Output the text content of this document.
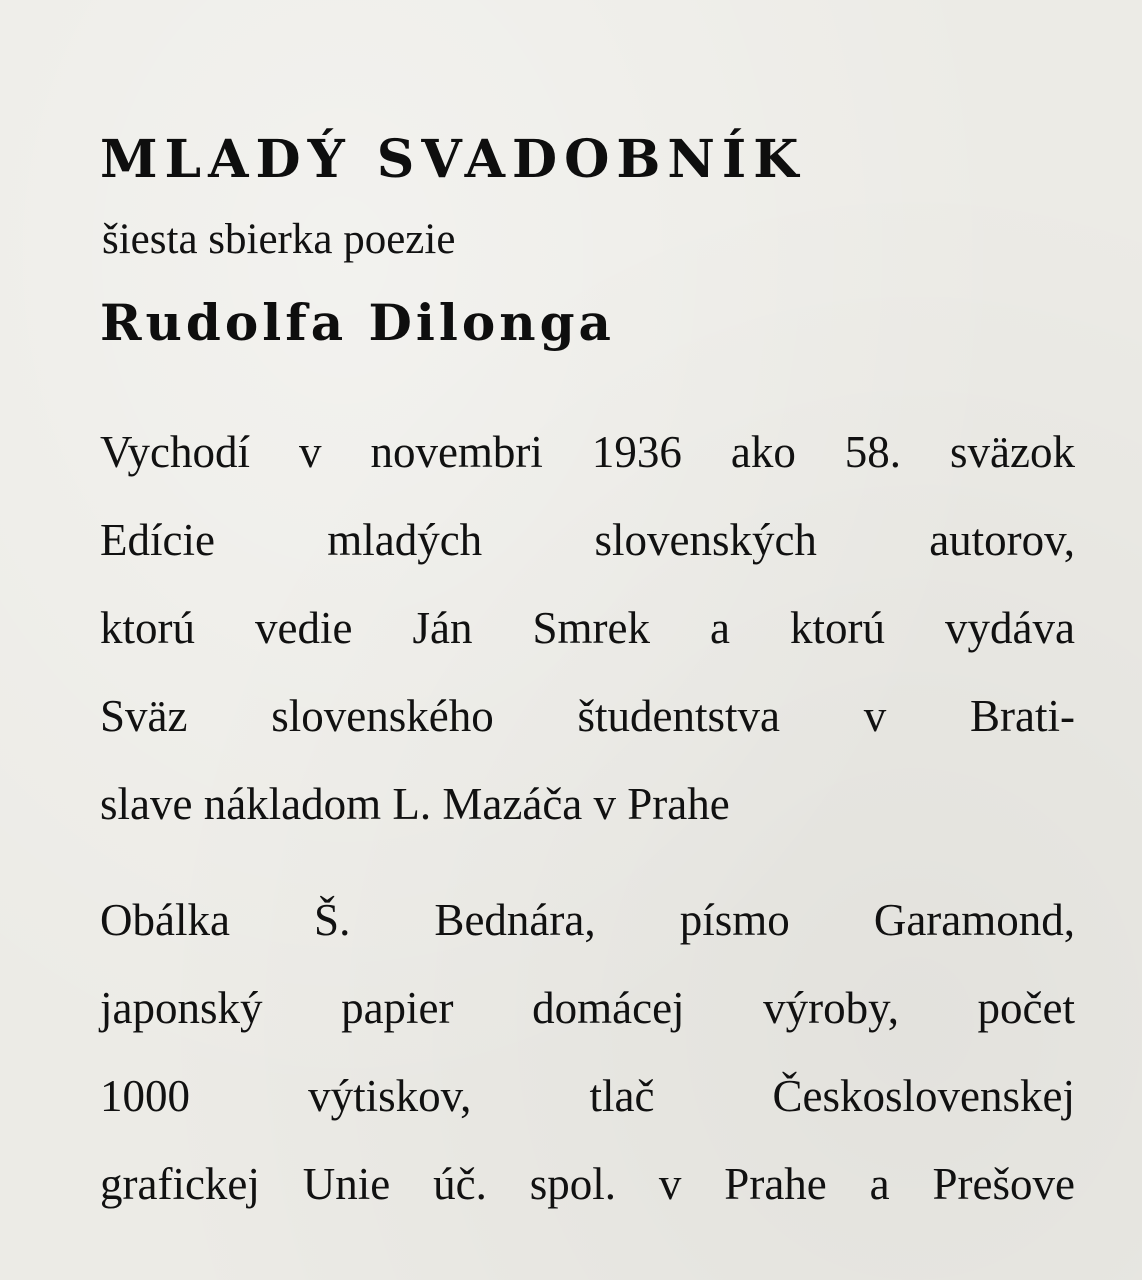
MLADÝ SVADOBNÍK
šiesta sbierka poezie
Rudolfa Dilonga
Vychodí v novembri 1936 ako 58. sväzok
Edície mladých slovenských autorov,
ktorú vedie Ján Smrek a ktorú vydáva
Sväz slovenského študentstva v Brati-
slave nákladom L. Mazáča v Prahe
Obálka Š. Bednára, písmo Garamond,
japonský papier domácej výroby, počet
1000 výtiskov, tlač Československej
grafickej Unie úč. spol. v Prahe a Prešove
